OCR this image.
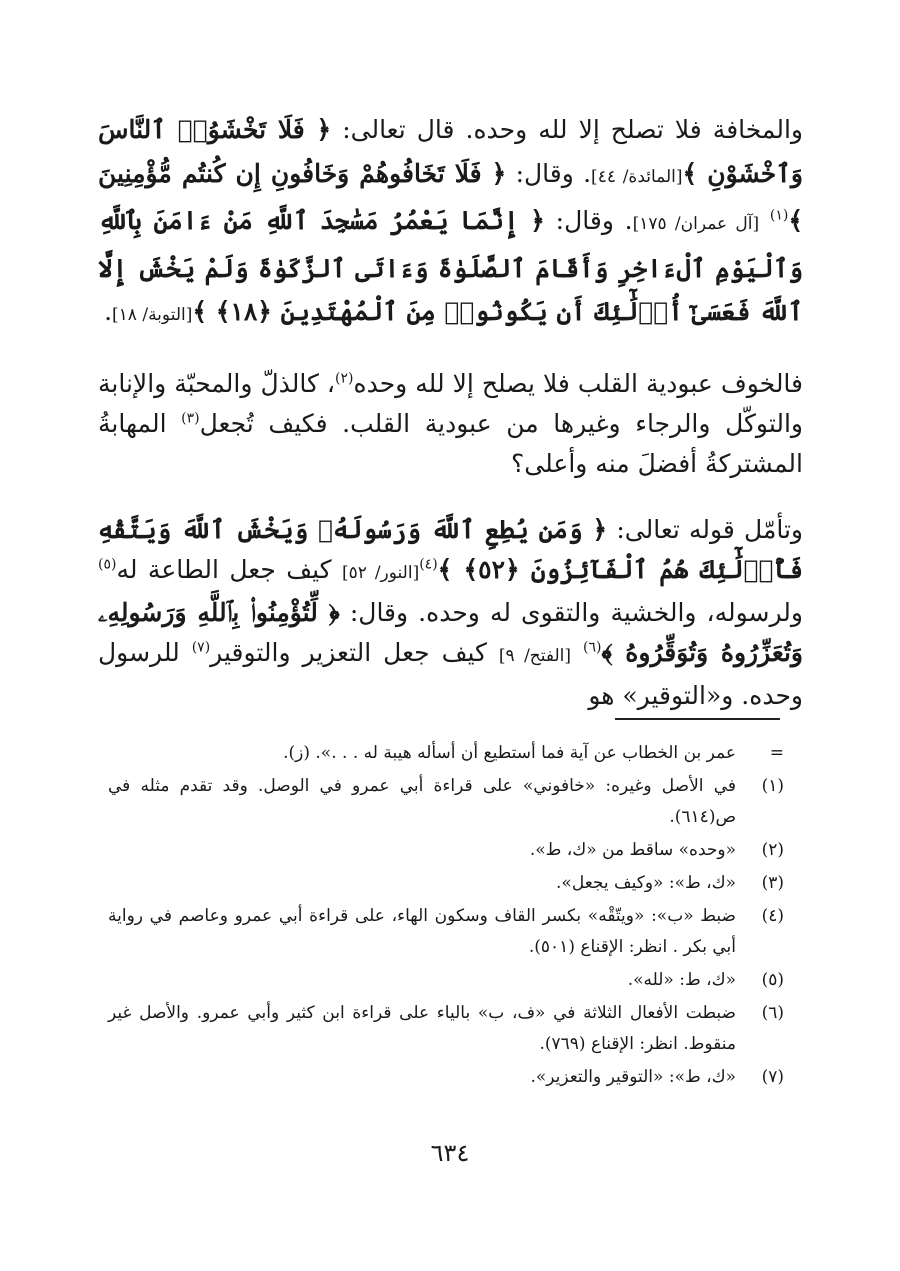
والمخافة فلا تصلح إلا لله وحده. قال تعالى: ﴿ فَلَا تَخْشَوُا۟ ٱلنَّاسَ وَٱخْشَوْنِ ﴾[المائدة/ ٤٤]. وقال: ﴿ فَلَا تَخَافُوهُمْ وَخَافُونِ إِن كُنتُم مُّؤْمِنِينَ ﴾$^{(١)}$ [آل عمران/ ١٧٥]. وقال: ﴿ إِنَّمَا يَعْمُرُ مَسَٰجِدَ ٱللَّهِ مَنْ ءَامَنَ بِٱللَّهِ وَٱلْيَوْمِ ٱلْءَاخِرِ وَأَقَامَ ٱلصَّلَوٰةَ وَءَاتَى ٱلزَّكَوٰةَ وَلَمْ يَخْشَ إِلَّا ٱللَّهَ فَعَسَىٰٓ أُو۟لَٰٓئِكَ أَن يَكُونُوا۟ مِنَ ٱلْمُهْتَدِينَ ﴿١٨﴾ ﴾[التوبة/ ١٨].

فالخوف عبودية القلب فلا يصلح إلا لله وحده$^{(٢)}$، كالذلّ والمحبّة والإنابة والتوكّل والرجاء وغيرها من عبودية القلب. فكيف تُجعل$^{(٣)}$ المهابةُ المشتركةُ أفضلَ منه وأعلى؟

وتأمّل قوله تعالى: ﴿ وَمَن يُطِعِ ٱللَّهَ وَرَسُولَهُۥ وَيَخْشَ ٱللَّهَ وَيَتَّقْهِ فَأُو۟لَٰٓئِكَ هُمُ ٱلْفَآئِزُونَ ﴿٥٢﴾ ﴾$^{(٤)}$[النور/ ٥٢] كيف جعل الطاعة له$^{(٥)}$ ولرسوله، والخشية والتقوى له وحده. وقال: ﴿ لِّتُؤْمِنُوا۟ بِٱللَّهِ وَرَسُولِهِۦ وَتُعَزِّرُوهُ وَتُوَقِّرُوهُ ﴾$^{(٦)}$ [الفتح/ ٩] كيف جعل التعزير والتوقير$^{(٧)}$ للرسول وحده. و«التوقير» هو

=
عمر بن الخطاب عن آية فما أستطيع أن أسأله هيبة له . . .». (ز).
(١)
في الأصل وغيره: «خافوني» على قراءة أبي عمرو في الوصل. وقد تقدم مثله في ص(٦١٤).
(٢)
«وحده» ساقط من «ك، ط».
(٣)
«ك، ط»: «وكيف يجعل».
(٤)
ضبط «ب»: «ويتّقْه» بكسر القاف وسكون الهاء، على قراءة أبي عمرو وعاصم في رواية أبي بكر . انظر: الإقناع (٥٠١).
(٥)
«ك، ط: «لله».
(٦)
ضبطت الأفعال الثلاثة في «ف، ب» بالياء على قراءة ابن كثير وأبي عمرو. والأصل غير منقوط. انظر: الإقناع (٧٦٩).
(٧)
«ك، ط»: «التوقير والتعزير».
٦٣٤
